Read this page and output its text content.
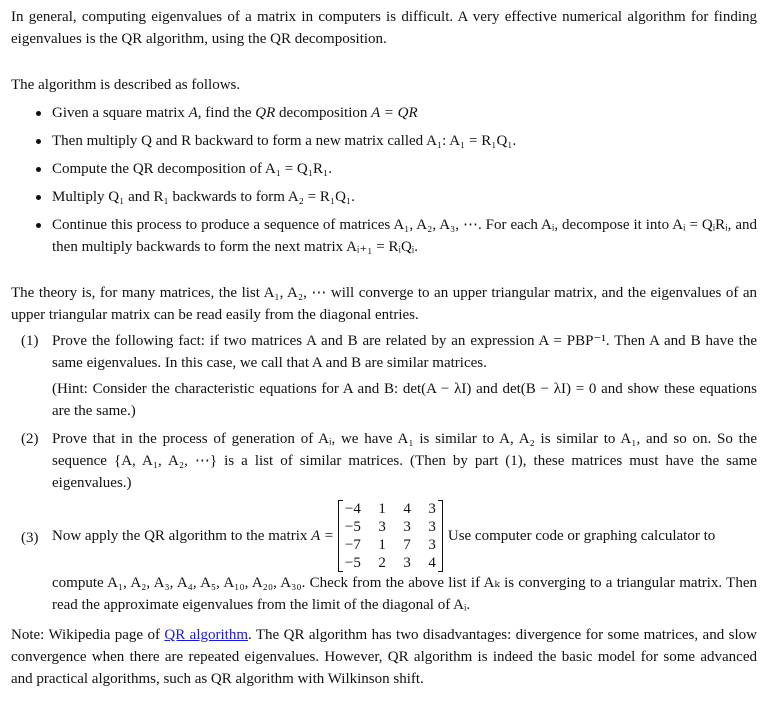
In general, computing eigenvalues of a matrix in computers is difficult. A very effective numerical algorithm for finding eigenvalues is the QR algorithm, using the QR decomposition.

The algorithm is described as follows.

Given a square matrix A, find the QR decomposition A = QR
Then multiply Q and R backward to form a new matrix called A₁: A₁ = R₁Q₁.
Compute the QR decomposition of A₁ = Q₁R₁.
Multiply Q₁ and R₁ backwards to form A₂ = R₁Q₁.
Continue this process to produce a sequence of matrices A₁, A₂, A₃, ⋯. For each Aᵢ, decompose it into Aᵢ = QᵢRᵢ, and then multiply backwards to form the next matrix Aᵢ₊₁ = RᵢQᵢ.

The theory is, for many matrices, the list A₁, A₂, ⋯ will converge to an upper triangular matrix, and the eigenvalues of an upper triangular matrix can be read easily from the diagonal entries.

(1) Prove the following fact: if two matrices A and B are related by an expression A = PBP⁻¹. Then A and B have the same eigenvalues. In this case, we call that A and B are similar matrices.

(Hint: Consider the characteristic equations for A and B: det(A − λI) and det(B − λI) = 0 and show these equations are the same.)

(2) Prove that in the process of generation of Aᵢ, we have A₁ is similar to A, A₂ is similar to A₁, and so on. So the sequence {A, A₁, A₂, ⋯} is a list of similar matrices. (Then by part (1), these matrices must have the same eigenvalues.)

(3) Now apply the QR algorithm to the matrix A =
−4	1	4	3
−5	3	3	3
−7	1	7	3
−5	2	3	4
Use computer code or graphing calculator to

compute A₁, A₂, A₃, A₄, A₅, A₁₀, A₂₀, A₃₀. Check from the above list if Aₖ is converging to a triangular matrix. Then read the approximate eigenvalues from the limit of the diagonal of Aᵢ.

Note: Wikipedia page of QR algorithm. The QR algorithm has two disadvantages: divergence for some matrices, and slow convergence when there are repeated eigenvalues. However, QR algorithm is indeed the basic model for some advanced and practical algorithms, such as QR algorithm with Wilkinson shift.
